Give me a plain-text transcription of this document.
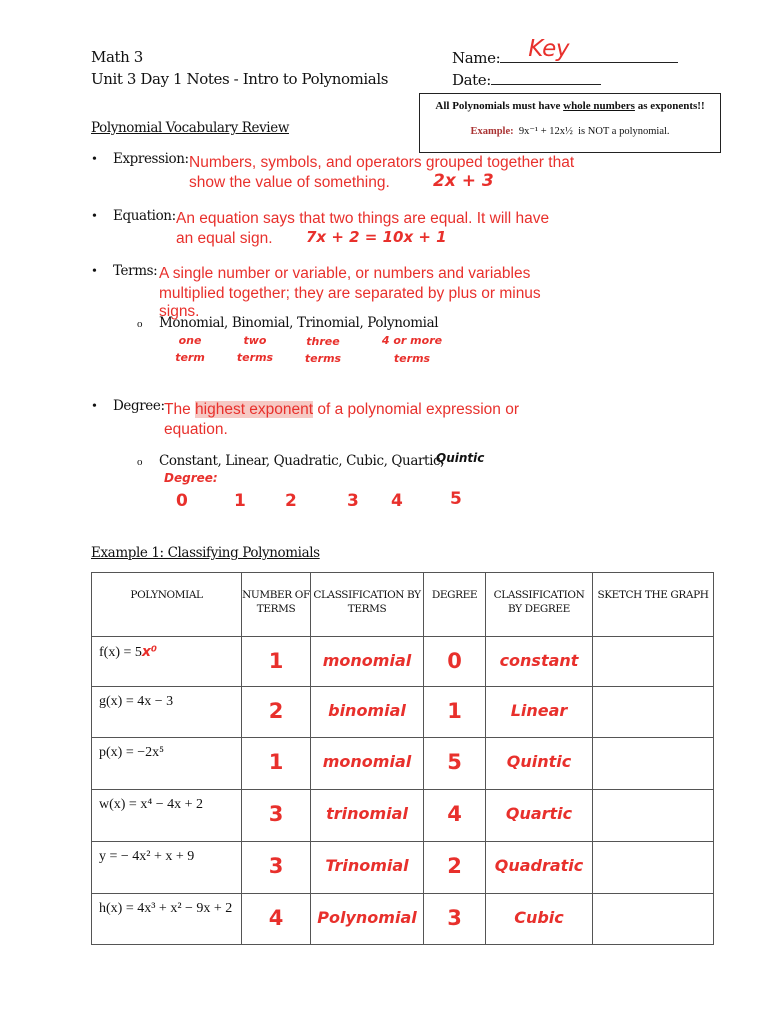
Math 3
Unit 3 Day 1 Notes - Intro to Polynomials
Name: Key
Date:
All Polynomials must have whole numbers as exponents!!
Example: 9x⁻¹ + 12x½ is NOT a polynomial.
Polynomial Vocabulary Review
• Expression: Numbers, symbols, and operators grouped together that
show the value of something.	2x + 3
• Equation: An equation says that two things are equal. It will have
an equal sign. 7x + 2 = 10x + 1
• Terms: A single number or variable, or numbers and variables
multiplied together; they are separated by plus or minus
signs.
o Monomial, Binomial, Trinomial, Polynomial
one
term
two
terms
three
terms
4 or more
terms
• Degree: The highest exponent of a polynomial expression or
equation.
o Constant, Linear, Quadratic, Cubic, Quartic,
Quintic
Degree:
0	1 2	3 4	5
Example 1: Classifying Polynomials
POLYNOMIAL	NUMBER OF TERMS	CLASSIFICATION BY TERMS	DEGREE	CLASSIFICATION BY DEGREE	SKETCH THE GRAPH
f(x) = 5x⁰	1	monomial	0	constant	
g(x) = 4x − 3	2	binomial	1	Linear	
p(x) = −2x⁵	1	monomial	5	Quintic	
w(x) = x⁴ − 4x + 2	3	trinomial	4	Quartic	
y = − 4x² + x + 9	3	Trinomial	2	Quadratic	
h(x) = 4x³ + x² − 9x + 2	4	Polynomial	3	Cubic	
